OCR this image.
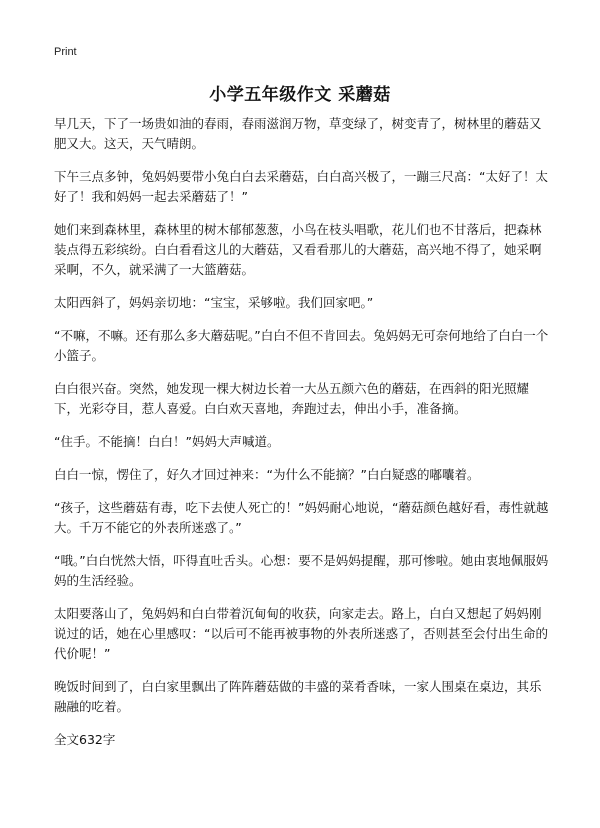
Print
小学五年级作文 采蘑菇

早几天，下了一场贵如油的春雨，春雨滋润万物，草变绿了，树变青了，树林里的蘑菇又肥又大。这天，天气晴朗。

下午三点多钟，兔妈妈要带小兔白白去采蘑菇，白白高兴极了，一蹦三尺高：“太好了！太好了！我和妈妈一起去采蘑菇了！”

她们来到森林里，森林里的树木郁郁葱葱，小鸟在枝头唱歌，花儿们也不甘落后，把森林装点得五彩缤纷。白白看看这儿的大蘑菇，又看看那儿的大蘑菇，高兴地不得了，她采啊采啊，不久，就采满了一大篮蘑菇。

太阳西斜了，妈妈亲切地：“宝宝，采够啦。我们回家吧。”

“不嘛，不嘛。还有那么多大蘑菇呢。”白白不但不肯回去。兔妈妈无可奈何地给了白白一个小篮子。

白白很兴奋。突然，她发现一棵大树边长着一大丛五颜六色的蘑菇，在西斜的阳光照耀下，光彩夺目，惹人喜爱。白白欢天喜地，奔跑过去，伸出小手，准备摘。

“住手。不能摘！白白！”妈妈大声喊道。

白白一惊，愣住了，好久才回过神来：“为什么不能摘？”白白疑惑的嘟囔着。

“孩子，这些蘑菇有毒，吃下去使人死亡的！”妈妈耐心地说，“蘑菇颜色越好看，毒性就越大。千万不能它的外表所迷惑了。”

“哦。”白白恍然大悟，吓得直吐舌头。心想：要不是妈妈提醒，那可惨啦。她由衷地佩服妈妈的生活经验。

太阳要落山了，兔妈妈和白白带着沉甸甸的收获，向家走去。路上，白白又想起了妈妈刚说过的话，她在心里感叹：“以后可不能再被事物的外表所迷惑了，否则甚至会付出生命的代价呢！”

晚饭时间到了，白白家里飘出了阵阵蘑菇做的丰盛的菜肴香味，一家人围桌在桌边，其乐融融的吃着。

全文632字
